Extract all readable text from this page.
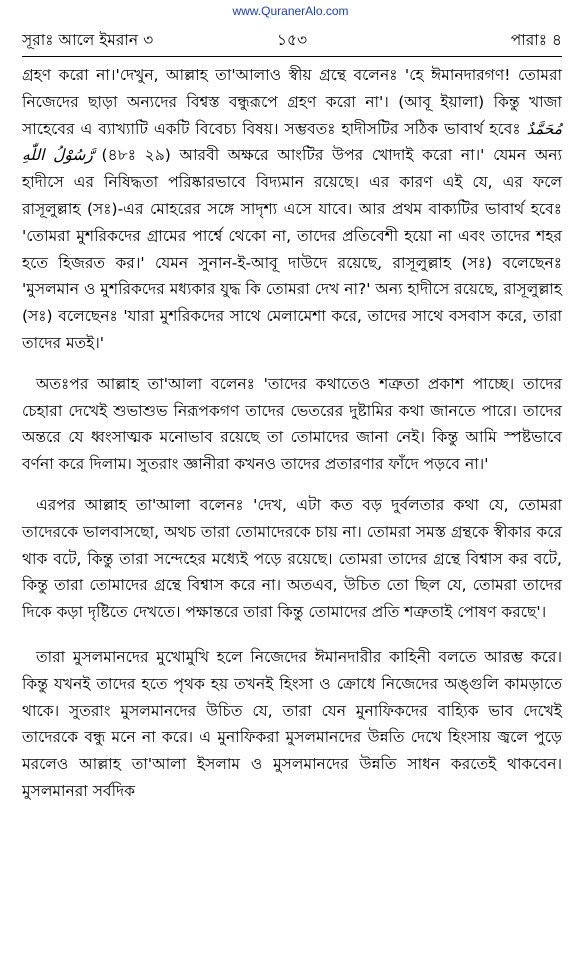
www.QuranerAlo.com
সূরাঃ আলে ইমরান ৩	১৫৩	পারাঃ ৪

গ্রহণ করো না।'দেখুন, আল্লাহ তা'আলাও স্বীয় গ্রন্থে বলেনঃ 'হে ঈমানদারগণ! তোমরা নিজেদের ছাড়া অন্যদের বিশ্বস্ত বন্ধুরূপে গ্রহণ করো না'। (আবূ ইয়ালা) কিন্তু খাজা সাহেবের এ ব্যাখ্যাটি একটি বিবেচ্য বিষয়। সম্ভবতঃ হাদীসটির সঠিক ভাবার্থ হবেঃ مُحَمَّدٌ رَّسُوْلُ اللّٰهِ (৪৮ঃ ২৯) আরবী অক্ষরে আংটির উপর খোদাই করো না।' যেমন অন্য হাদীসে এর নিষিদ্ধতা পরিষ্কারভাবে বিদ্যমান রয়েছে। এর কারণ এই যে, এর ফলে রাসূলুল্লাহ (সঃ)-এর মোহরের সঙ্গে সাদৃশ্য এসে যাবে। আর প্রথম বাক্যটির ভাবার্থ হবেঃ 'তোমরা মুশরিকদের গ্রামের পার্শ্বে থেকো না, তাদের প্রতিবেশী হয়ো না এবং তাদের শহর হতে হিজরত কর।' যেমন সুনান-ই-আবূ দাউদে রয়েছে, রাসূলুল্লাহ (সঃ) বলেছেনঃ 'মুসলমান ও মুশরিকদের মধ্যকার যুদ্ধ কি তোমরা দেখ না?' অন্য হাদীসে রয়েছে, রাসূলুল্লাহ (সঃ) বলেছেনঃ 'যারা মুশরিকদের সাথে মেলামেশা করে, তাদের সাথে বসবাস করে, তারা তাদের মতই।'

অতঃপর আল্লাহ তা'আলা বলেনঃ 'তাদের কথাতেও শত্রুতা প্রকাশ পাচ্ছে। তাদের চেহারা দেখেই শুভাশুভ নিরূপকগণ তাদের ভেতরের দুষ্টামির কথা জানতে পারে। তাদের অন্তরে যে ধ্বংসাত্মক মনোভাব রয়েছে তা তোমাদের জানা নেই। কিন্তু আমি স্পষ্টভাবে বর্ণনা করে দিলাম। সুতরাং জ্ঞানীরা কখনও তাদের প্রতারণার ফাঁদে পড়বে না।'

এরপর আল্লাহ তা'আলা বলেনঃ 'দেখ, এটা কত বড় দুর্বলতার কথা যে, তোমরা তাদেরকে ভালবাসছো, অথচ তারা তোমাদেরকে চায় না। তোমরা সমস্ত গ্রন্থকে স্বীকার করে থাক বটে, কিন্তু তারা সন্দেহের মধ্যেই পড়ে রয়েছে। তোমরা তাদের গ্রন্থে বিশ্বাস কর বটে, কিন্তু তারা তোমাদের গ্রন্থে বিশ্বাস করে না। অতএব, উচিত তো ছিল যে, তোমরা তাদের দিকে কড়া দৃষ্টিতে দেখতে। পক্ষান্তরে তারা কিন্তু তোমাদের প্রতি শত্রুতাই পোষণ করছে'।

তারা মুসলমানদের মুখোমুখি হলে নিজেদের ঈমানদারীর কাহিনী বলতে আরম্ভ করে। কিন্তু যখনই তাদের হতে পৃথক হয় তখনই হিংসা ও ক্রোধে নিজেদের অঙ্গুলি কামড়াতে থাকে। সুতরাং মুসলমানদের উচিত যে, তারা যেন মুনাফিকদের বাহ্যিক ভাব দেখেই তাদেরকে বন্ধু মনে না করে। এ মুনাফিকরা মুসলমানদের উন্নতি দেখে হিংসায় জ্বলে পুড়ে মরলেও আল্লাহ তা'আলা ইসলাম ও মুসলমানদের উন্নতি সাধন করতেই থাকবেন। মুসলমানরা সর্বদিক
